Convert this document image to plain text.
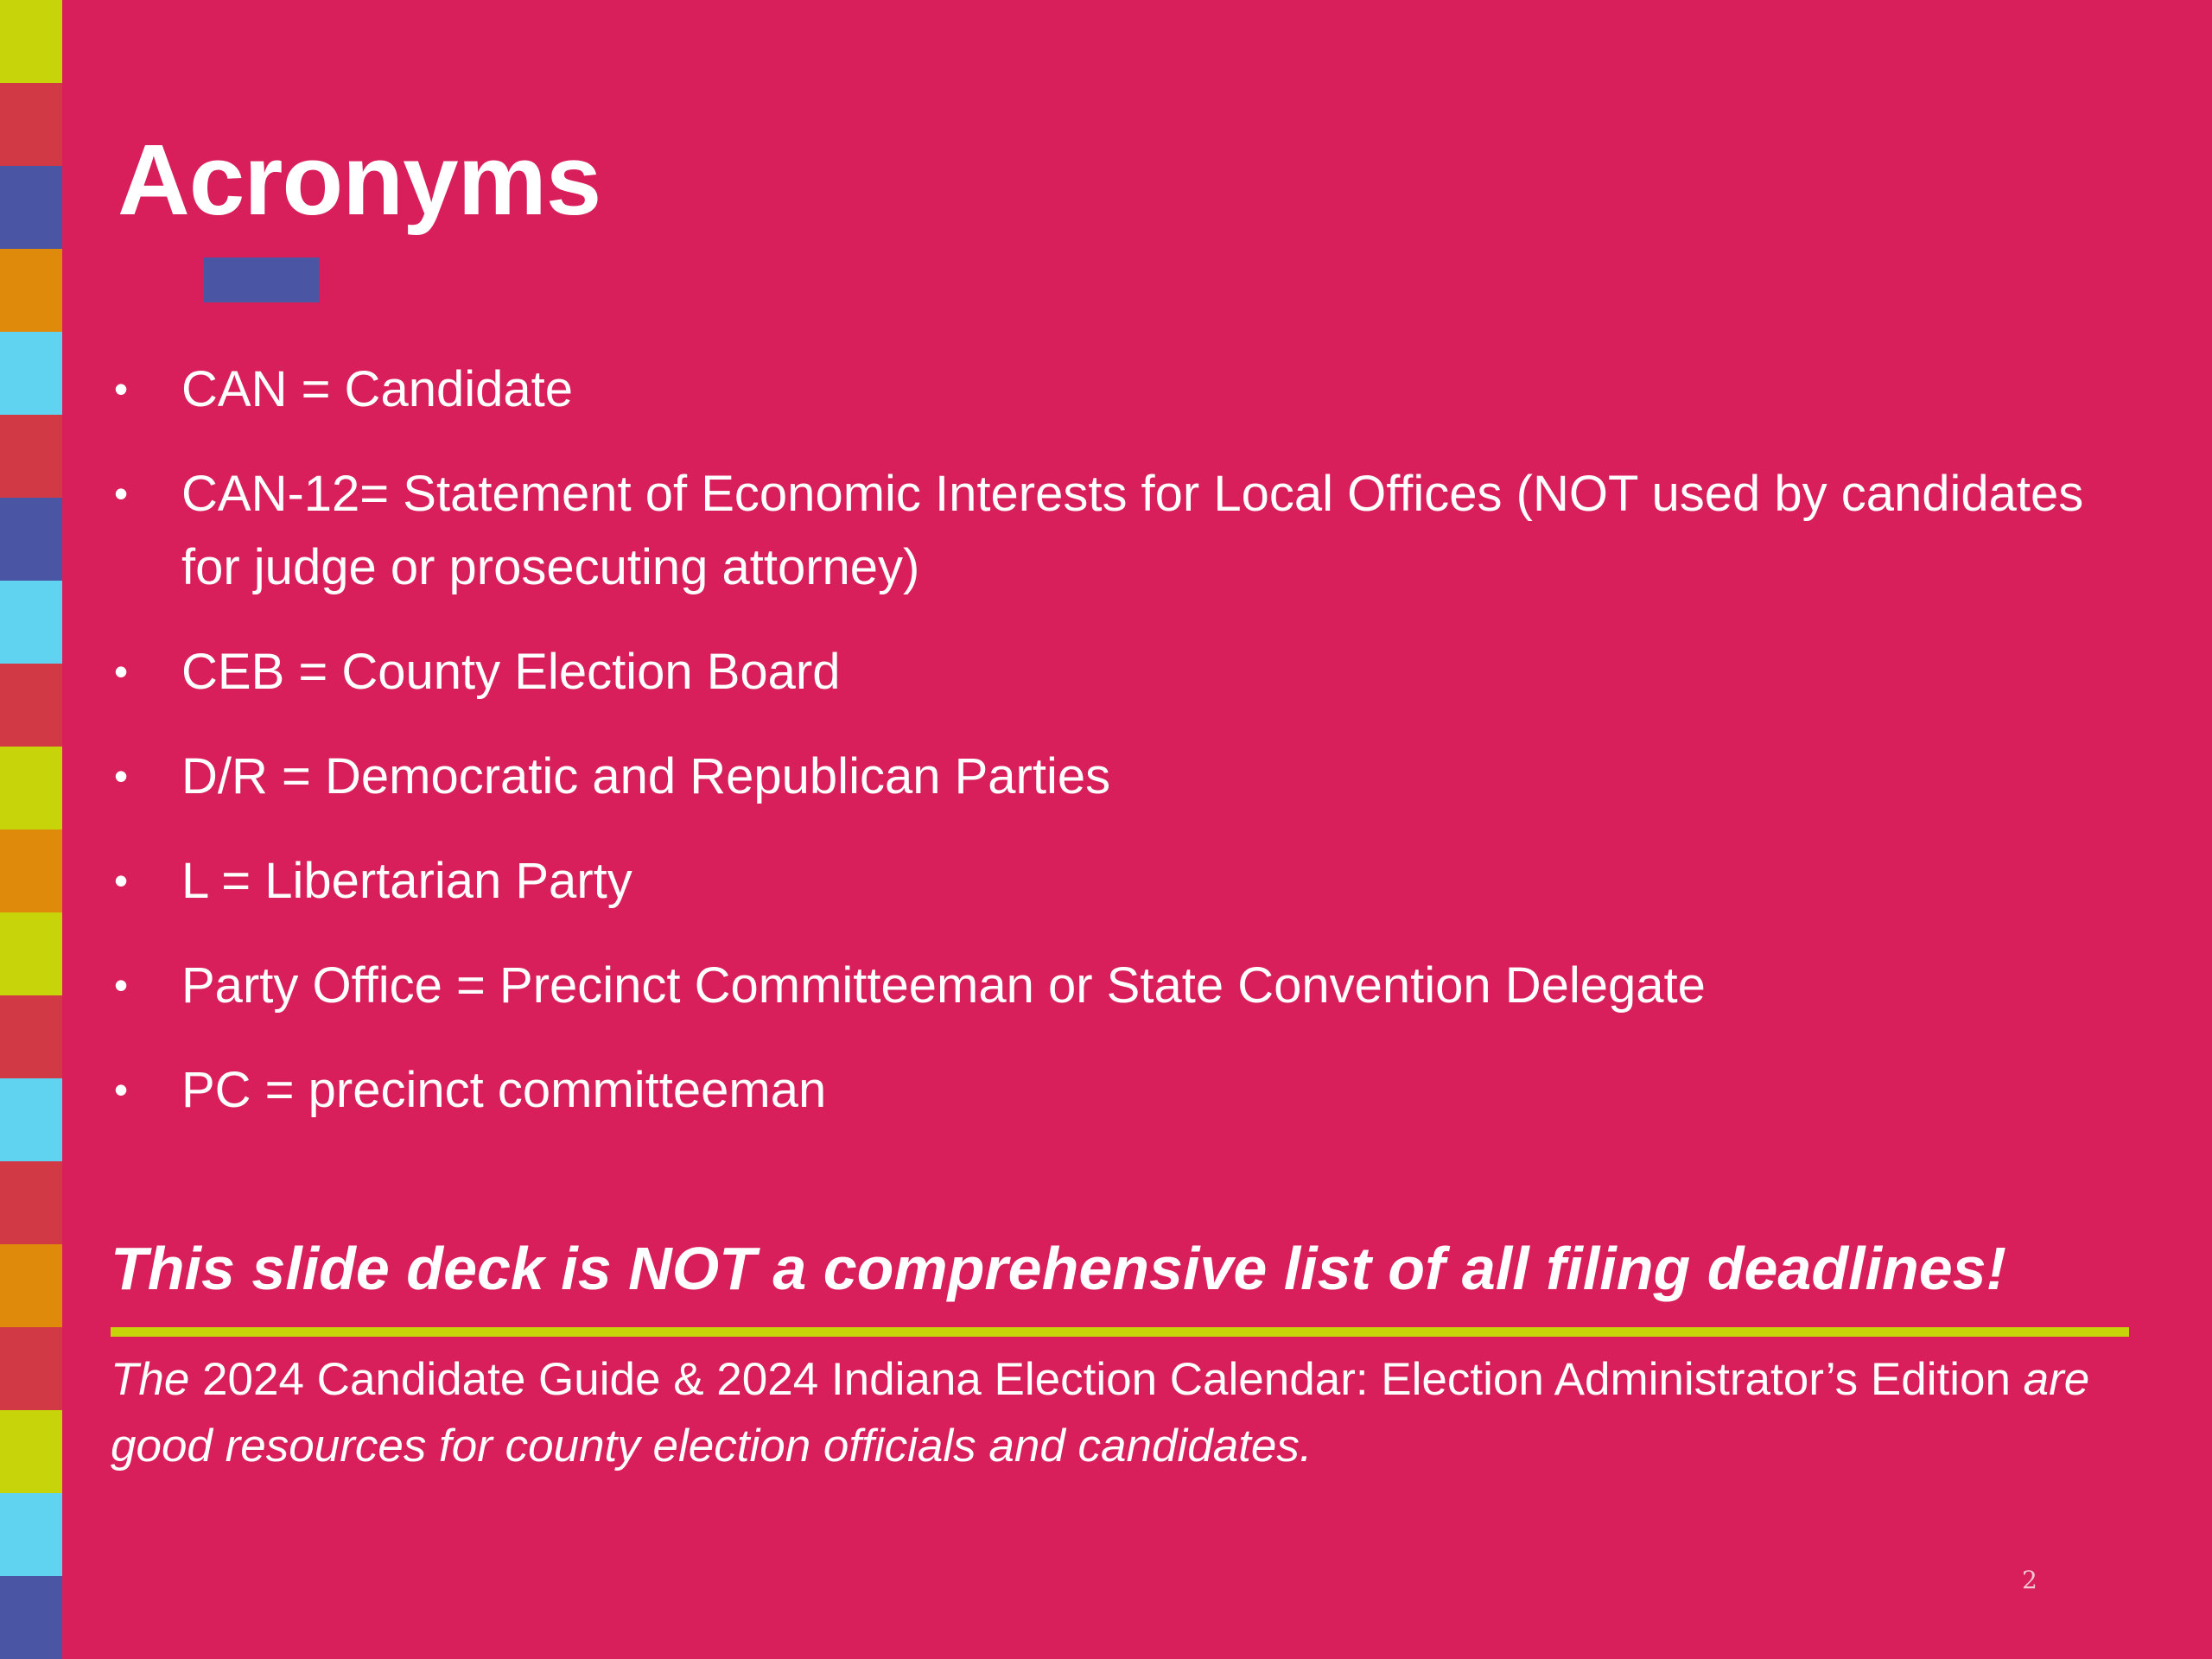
Acronyms
• CAN = Candidate
• CAN-12= Statement of Economic Interests for Local Offices (NOT used by candidates for judge or prosecuting attorney)
• CEB = County Election Board
• D/R = Democratic and Republican Parties
• L = Libertarian Party
• Party Office = Precinct Committeeman or State Convention Delegate
• PC = precinct committeeman
This slide deck is NOT a comprehensive list of all filing deadlines!
The 2024 Candidate Guide & 2024 Indiana Election Calendar: Election Administrator’s Edition are good resources for county election officials and candidates.
2
